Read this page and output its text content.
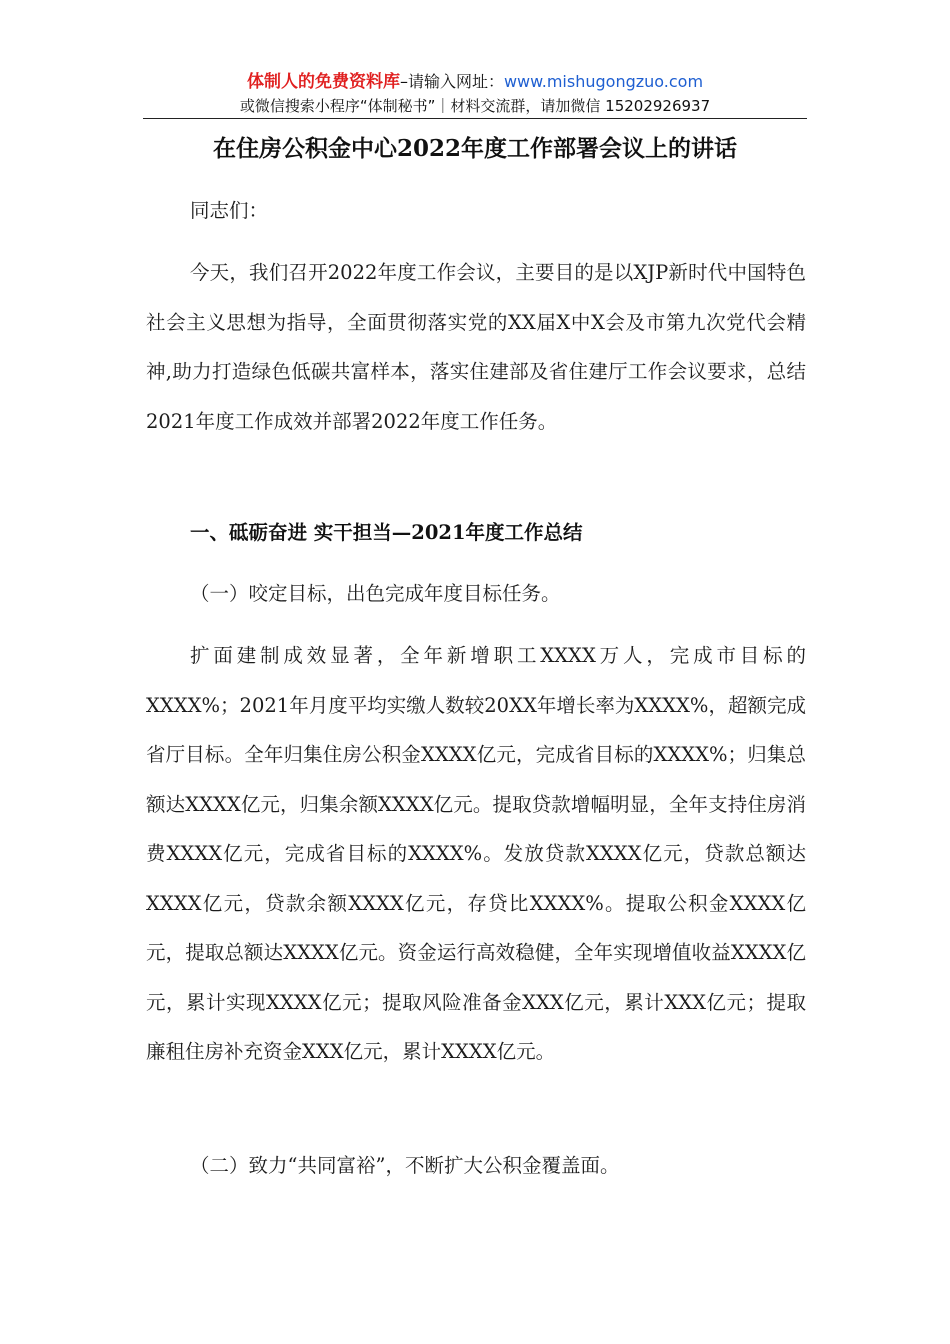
体制人的免费资料库–请输入网址：www.mishugongzuo.com
或微信搜索小程序“体制秘书”｜材料交流群，请加微信 15202926937
在住房公积金中心2022年度工作部署会议上的讲话
同志们：
今天，我们召开2022年度工作会议，主要目的是以XJP新时代中国特色社会主义思想为指导，全面贯彻落实党的XX届X中X会及市第九次党代会精神,助力打造绿色低碳共富样本，落实住建部及省住建厅工作会议要求，总结2021年度工作成效并部署2022年度工作任务。
一、砥砺奋进 实干担当—2021年度工作总结
（一）咬定目标，出色完成年度目标任务。
扩面建制成效显著，全年新增职工XXXX万人，完成市目标的XXXX%；2021年月度平均实缴人数较20XX年增长率为XXXX%，超额完成省厅目标。全年归集住房公积金XXXX亿元，完成省目标的XXXX%；归集总额达XXXX亿元，归集余额XXXX亿元。提取贷款增幅明显，全年支持住房消费XXXX亿元，完成省目标的XXXX%。发放贷款XXXX亿元，贷款总额达XXXX亿元，贷款余额XXXX亿元，存贷比XXXX%。提取公积金XXXX亿元，提取总额达XXXX亿元。资金运行高效稳健，全年实现增值收益XXXX亿元，累计实现XXXX亿元；提取风险准备金XXX亿元，累计XXX亿元；提取廉租住房补充资金XXX亿元，累计XXXX亿元。
（二）致力“共同富裕”，不断扩大公积金覆盖面。
